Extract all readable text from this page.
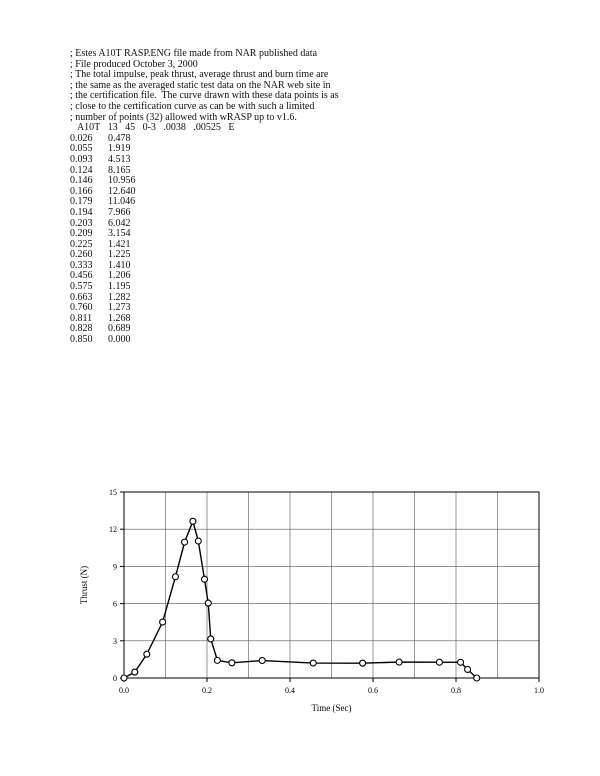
; Estes A10T RASP.ENG file made from NAR published data
; File produced October 3, 2000
; The total impulse, peak thrust, average thrust and burn time are
; the same as the averaged static test data on the NAR web site in
; the certification file.  The curve drawn with these data points is as
; close to the certification curve as can be with such a limited
; number of points (32) allowed with wRASP up to v1.6.
A10T   13   45   0-3   .0038   .00525   E
0.026 0.478
0.055 1.919
0.093 4.513
0.124 8.165
0.146 10.956
0.166 12.640
0.179 11.046
0.194 7.966
0.203 6.042
0.209 3.154
0.225 1.421
0.260 1.225
0.333 1.410
0.456 1.206
0.575 1.195
0.663 1.282
0.760 1.273
0.811 1.268
0.828 0.689
0.850 0.000
0
3
6
9
12
15
0.0	0.2	0.4	0.6	0.8	1.0
Time (Sec)
Thrust (N)
